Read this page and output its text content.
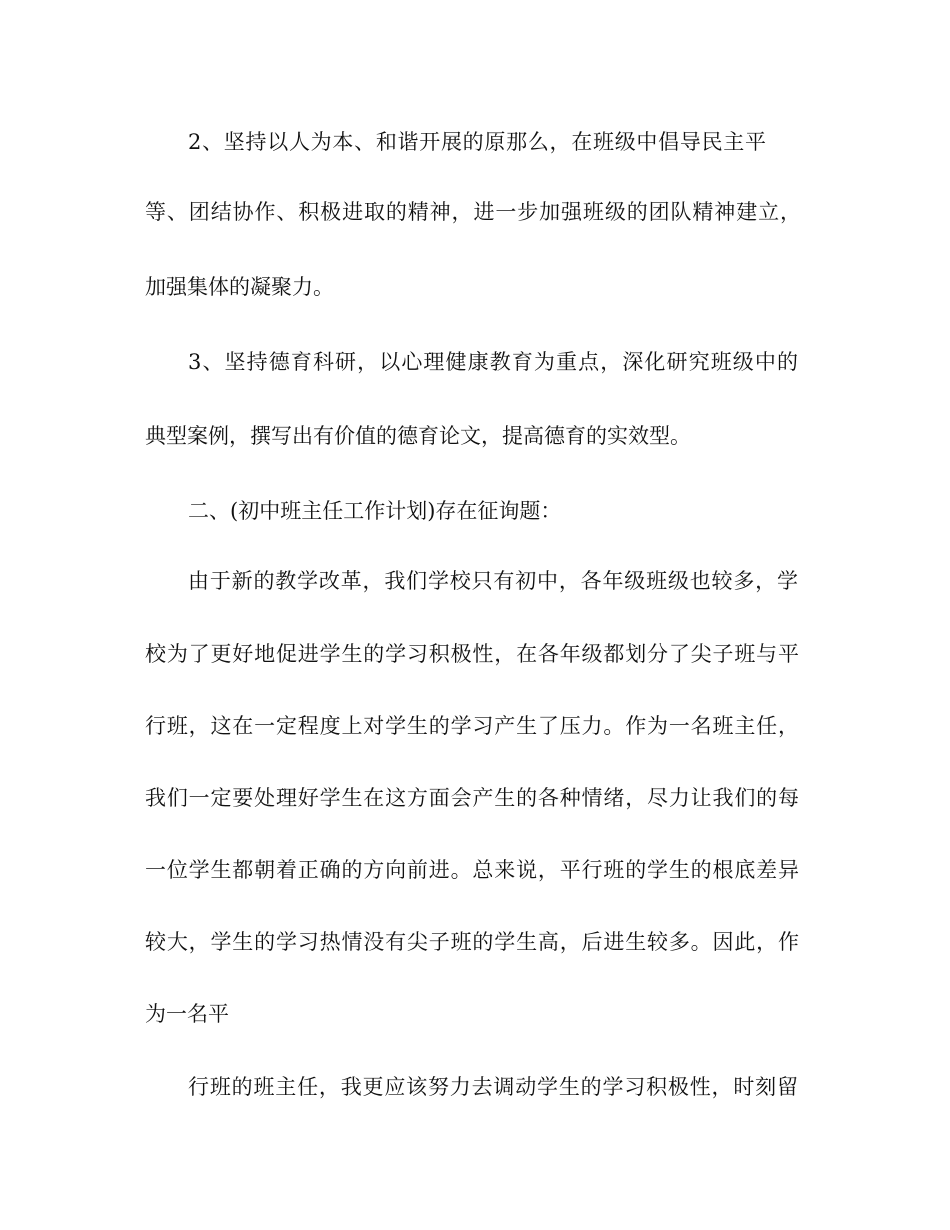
2、坚持以人为本、和谐开展的原那么，在班级中倡导民主平
等、团结协作、积极进取的精神，进一步加强班级的团队精神建立，
加强集体的凝聚力。
3、坚持德育科研，以心理健康教育为重点，深化研究班级中的
典型案例，撰写出有价值的德育论文，提高德育的实效型。
二、(初中班主任工作计划)存在征询题：
由于新的教学改革，我们学校只有初中，各年级班级也较多，学
校为了更好地促进学生的学习积极性，在各年级都划分了尖子班与平
行班，这在一定程度上对学生的学习产生了压力。作为一名班主任，
我们一定要处理好学生在这方面会产生的各种情绪，尽力让我们的每
一位学生都朝着正确的方向前进。总来说，平行班的学生的根底差异
较大，学生的学习热情没有尖子班的学生高，后进生较多。因此，作
为一名平
行班的班主任，我更应该努力去调动学生的学习积极性，时刻留
